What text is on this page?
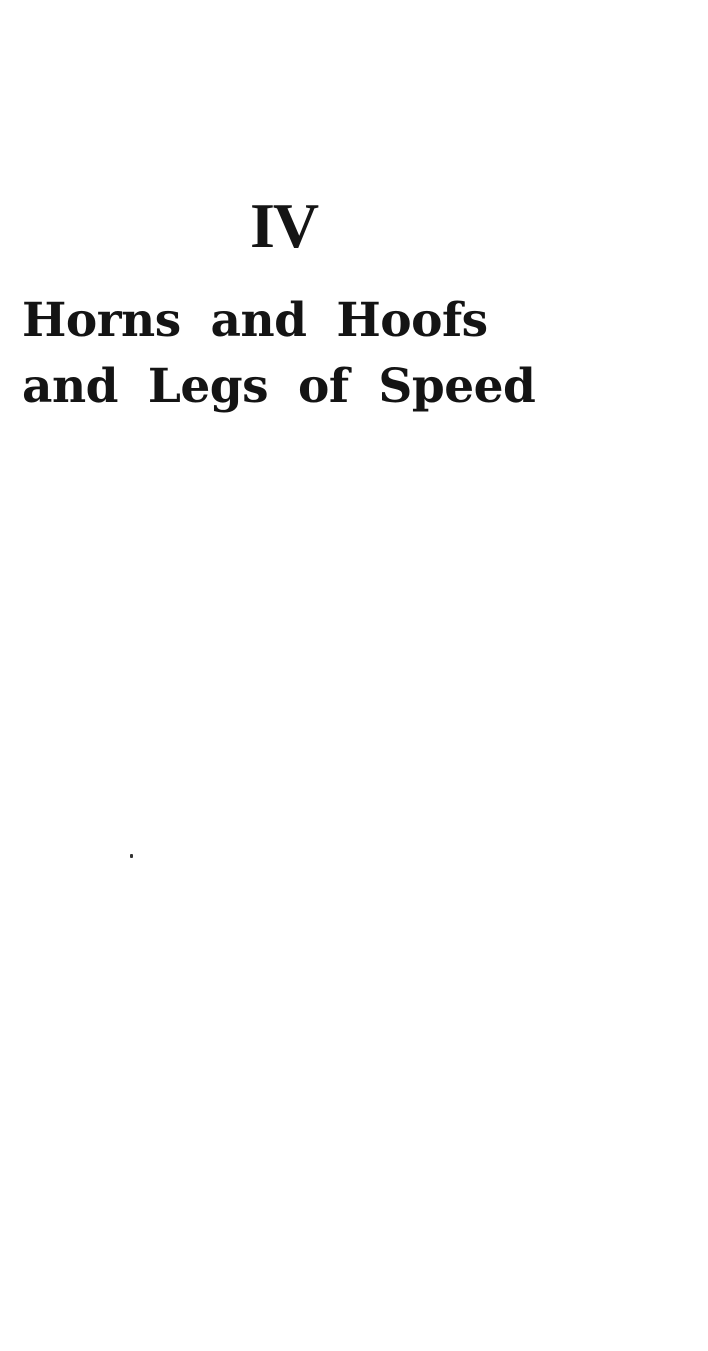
IV
Horns and Hoofs
and Legs of Speed
